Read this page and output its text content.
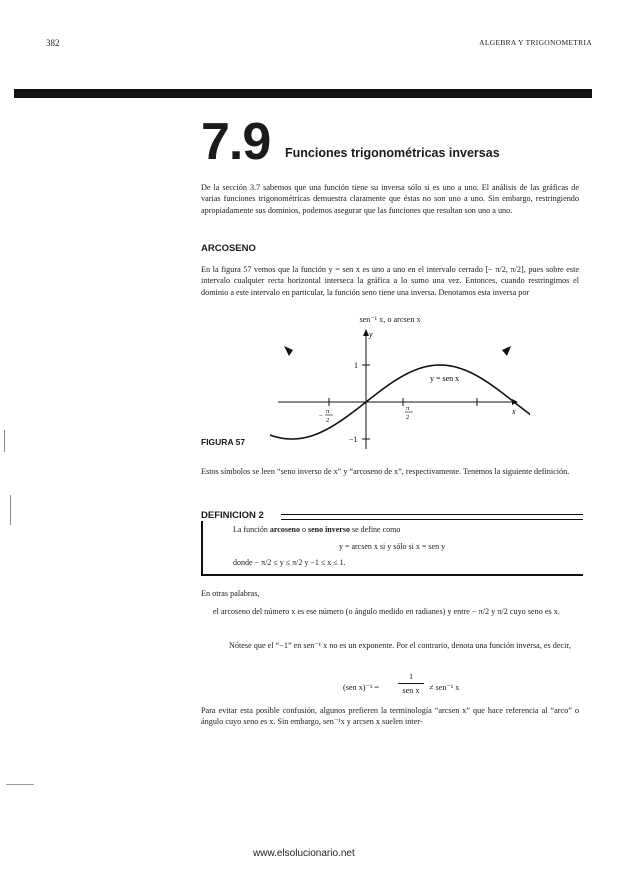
382	ALGEBRA Y TRIGONOMETRIA
7.9 Funciones trigonométricas inversas
De la sección 3.7 sabemos que una función tiene su inversa sólo si es uno a uno. El análisis de las gráficas de varias funciones trigonométricas demuestra claramente que éstas no son uno a uno. Sin embargo, restringiendo apropiadamente sus dominios, podemos asegurar que las funciones que resultan son uno a uno.
ARCOSENO
En la figura 57 vemos que la función y = sen x es uno a uno en el intervalo cerrado [− π/2, π/2], pues sobre este intervalo cualquier recta horizontal interseca la gráfica a lo sumo una vez. Entonces, cuando restringimos el dominio a este intervalo en particular, la función seno tiene una inversa. Denotamos esta inversa por
sen⁻¹ x, o arcsen x
y
x
1
−1
−
π
2
π
2
y = sen x
FIGURA 57
Estos símbolos se leen “seno inverso de x” y “arcoseno de x”, respectivamente. Tenemos la siguiente definición.
DEFINICION 2
La función arcoseno o seno inverso se define como
y = arcsen x si y sólo si x = sen y
donde − π/2 ≤ y ≤ π/2 y −1 ≤ x ≤ 1.
En otras palabras,
el arcoseno del número x es ese número (o ángulo medido en radianes) y entre − π/2 y π/2 cuyo seno es x.
Nótese que el “−1” en sen⁻¹ x no es un exponente. Por el contrario, denota una función inversa, es decir,
(sen x)⁻¹ =
1
sen x	≠ sen⁻¹ x
Para evitar esta posible confusión, algunos prefieren la terminología “arcsen x” que hace referencia al “arco” o ángulo cuyo seno es x. Sin embargo, sen⁻¹x y arcsen x suelen inter-
www.elsolucionario.net
